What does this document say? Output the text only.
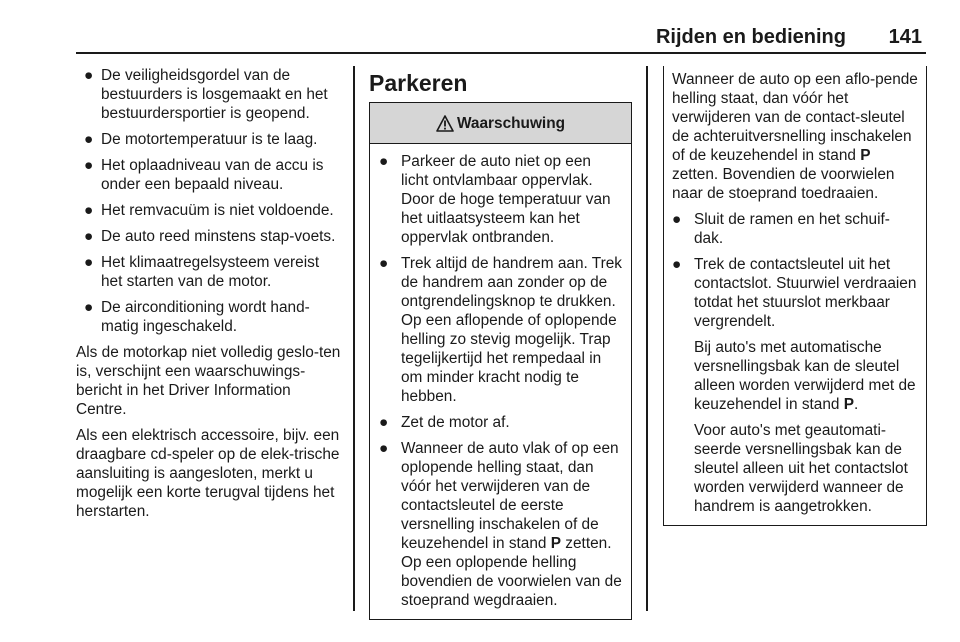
Rijden en bediening 141
● De veiligheidsgordel van de bestuurders is losgemaakt en het bestuurdersportier is geopend.
● De motortemperatuur is te laag.
● Het oplaadniveau van de accu is onder een bepaald niveau.
● Het remvacuüm is niet voldoende.
● De auto reed minstens stap-voets.
● Het klimaatregelsysteem vereist het starten van de motor.
● De airconditioning wordt hand-matig ingeschakeld.

Als de motorkap niet volledig geslo-ten is, verschijnt een waarschuwings-bericht in het Driver Information Centre.

Als een elektrisch accessoire, bijv. een draagbare cd-speler op de elek-trische aansluiting is aangesloten, merkt u mogelijk een korte terugval tijdens het herstarten.

Parkeren
Waarschuwing
● Parkeer de auto niet op een licht ontvlambaar oppervlak. Door de hoge temperatuur van het uitlaatsysteem kan het oppervlak ontbranden.
● Trek altijd de handrem aan. Trek de handrem aan zonder op de ontgrendelingsknop te drukken. Op een aflopende of oplopende helling zo stevig mogelijk. Trap tegelijkertijd het rempedaal in om minder kracht nodig te hebben.
● Zet de motor af.
● Wanneer de auto vlak of op een oplopende helling staat, dan vóór het verwijderen van de contactsleutel de eerste versnelling inschakelen of de keuzehendel in stand P zetten. Op een oplopende helling bovendien de voorwielen van de stoeprand wegdraaien.

Wanneer de auto op een aflo-pende helling staat, dan vóór het verwijderen van de contact-sleutel de achteruitversnelling inschakelen of de keuzehendel in stand P zetten. Bovendien de voorwielen naar de stoeprand toedraaien.

● Sluit de ramen en het schuif-dak.
● Trek de contactsleutel uit het contactslot. Stuurwiel verdraaien totdat het stuurslot merkbaar vergrendelt.

Bij auto's met automatische versnellingsbak kan de sleutel alleen worden verwijderd met de keuzehendel in stand P.

Voor auto's met geautomati-seerde versnellingsbak kan de sleutel alleen uit het contactslot worden verwijderd wanneer de handrem is aangetrokken.
